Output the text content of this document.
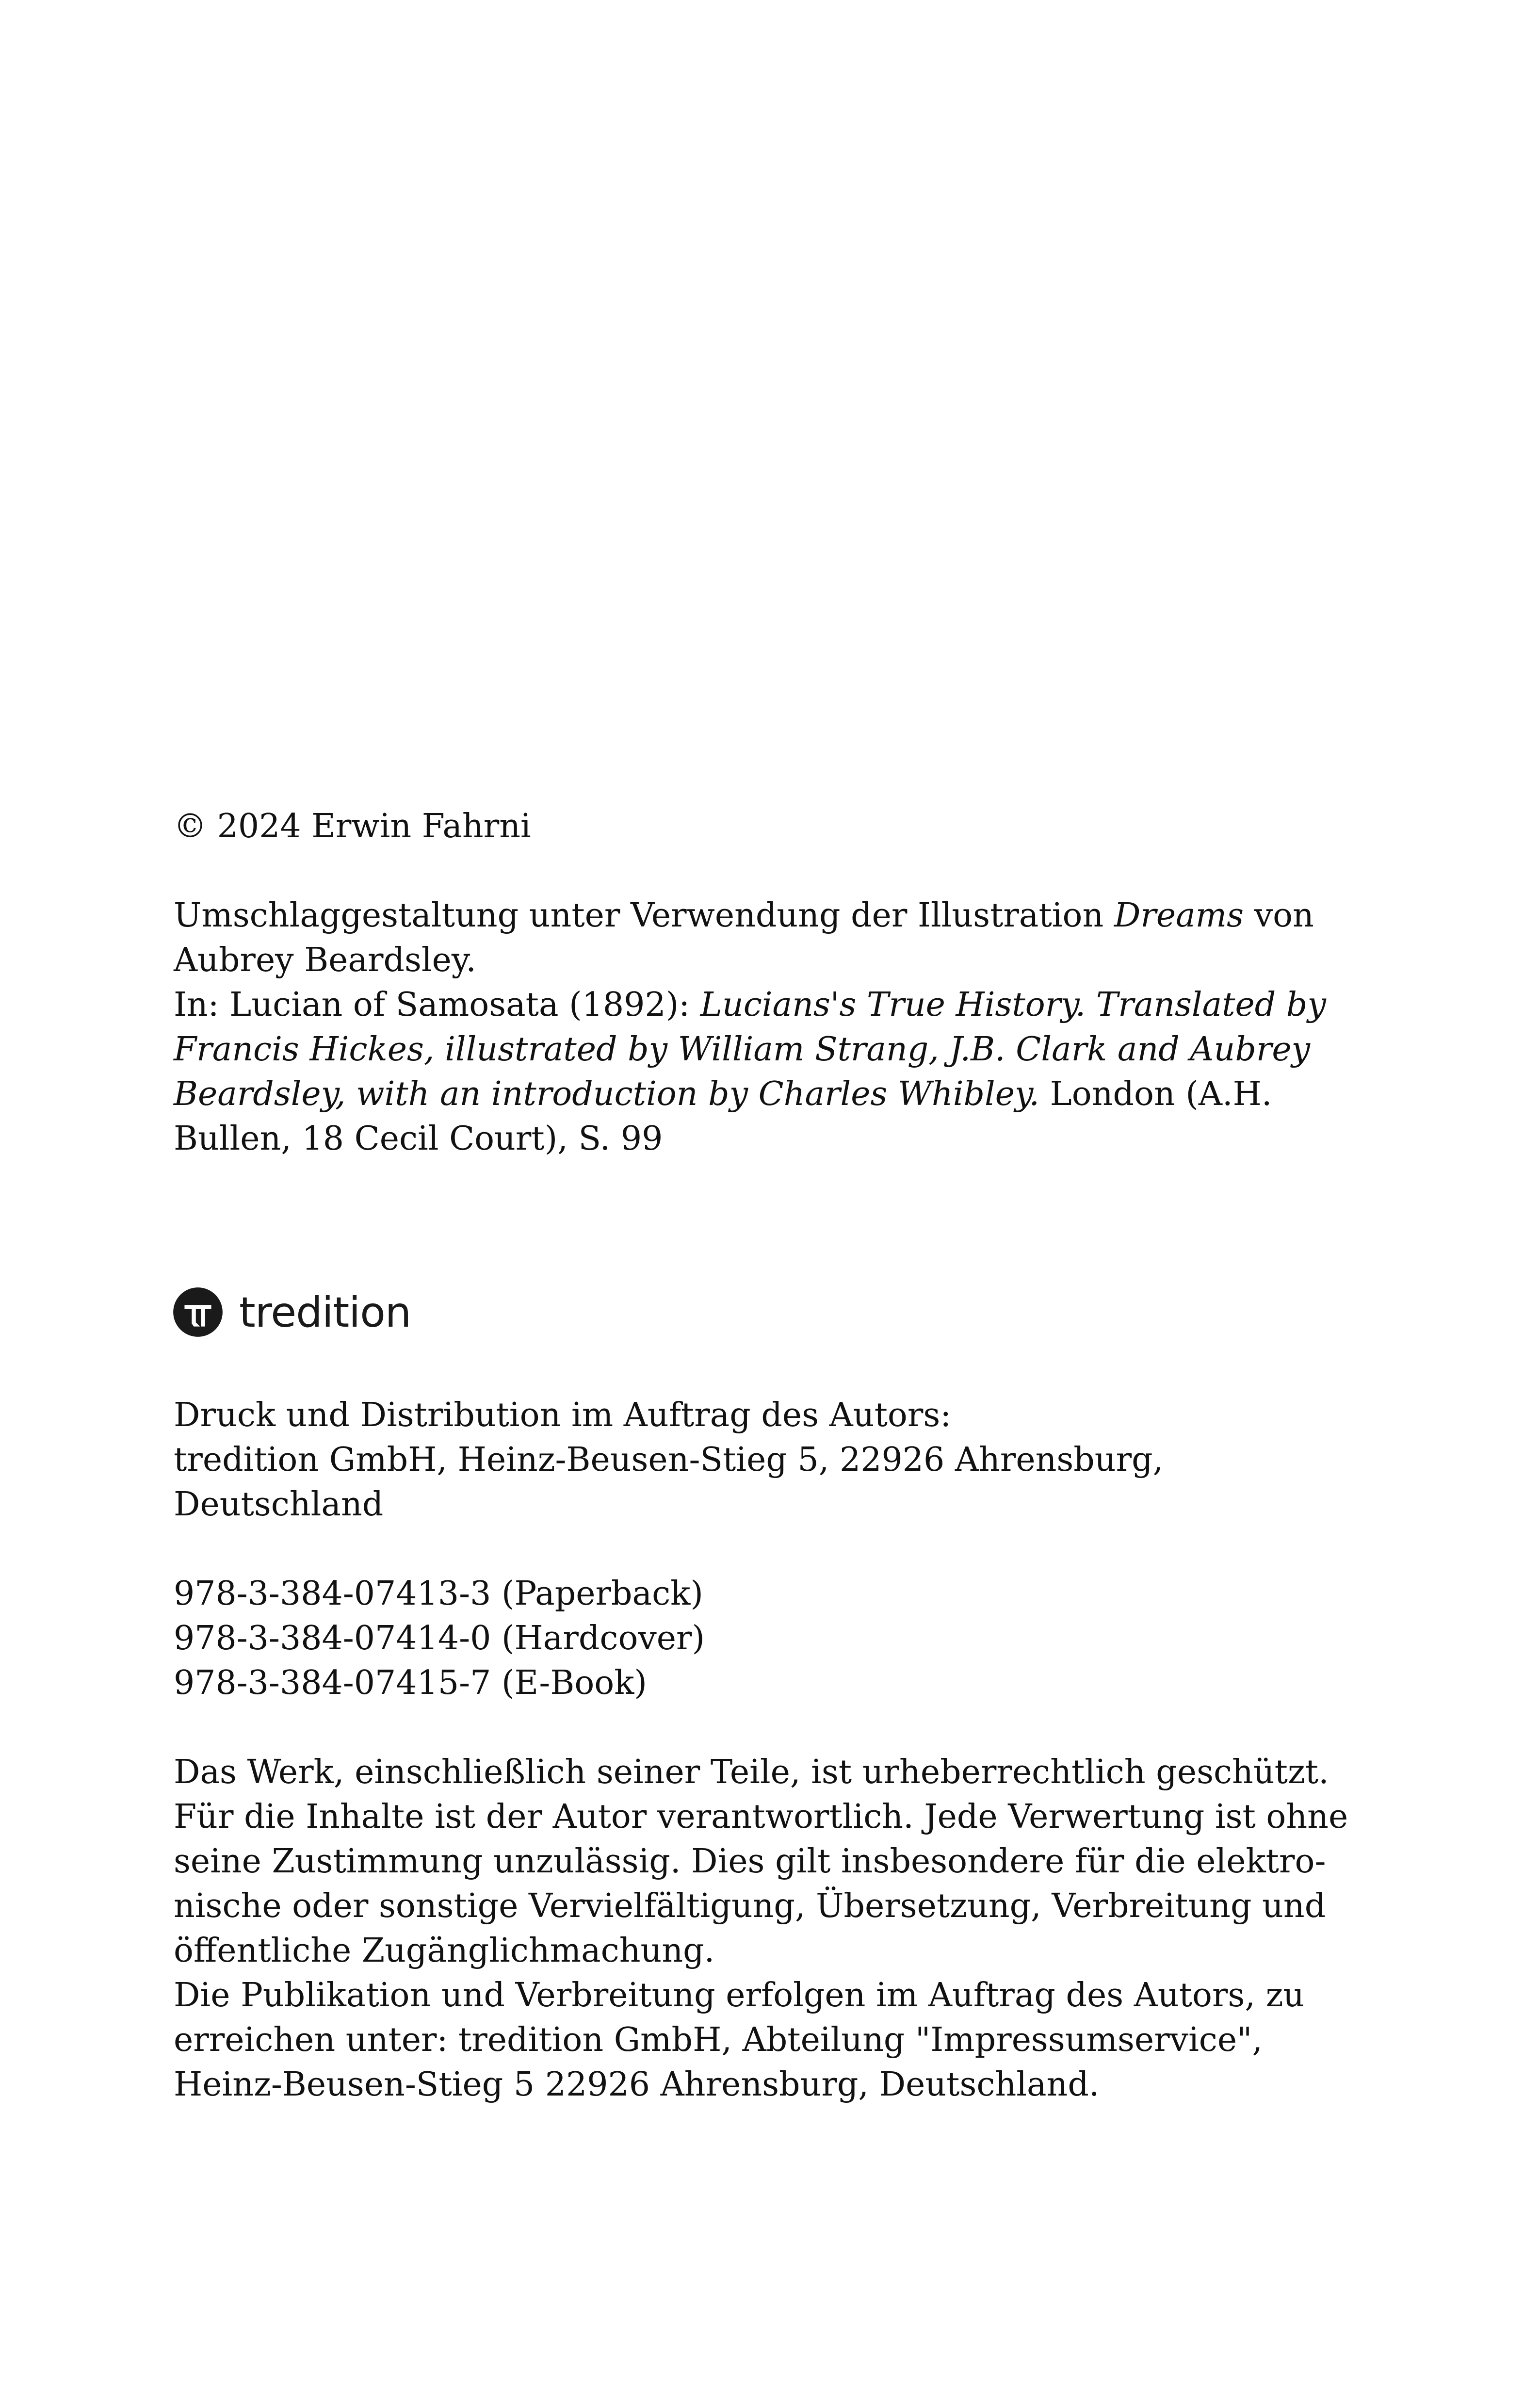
© 2024 Erwin Fahrni
Umschlaggestaltung unter Verwendung der Illustration Dreams von
Aubrey Beardsley.
In: Lucian of Samosata (1892): Lucians's True History. Translated by
Francis Hickes, illustrated by William Strang, J.B. Clark and Aubrey
Beardsley, with an introduction by Charles Whibley. London (A.H.
Bullen, 18 Cecil Court), S. 99
tredition
Druck und Distribution im Auftrag des Autors:
tredition GmbH, Heinz-Beusen-Stieg 5, 22926 Ahrensburg,
Deutschland
978-3-384-07413-3 (Paperback)
978-3-384-07414-0 (Hardcover)
978-3-384-07415-7 (E-Book)
Das Werk, einschließlich seiner Teile, ist urheberrechtlich geschützt.
Für die Inhalte ist der Autor verantwortlich. Jede Verwertung ist ohne
seine Zustimmung unzulässig. Dies gilt insbesondere für die elektro-
nische oder sonstige Vervielfältigung, Übersetzung, Verbreitung und
öffentliche Zugänglichmachung.
Die Publikation und Verbreitung erfolgen im Auftrag des Autors, zu
erreichen unter: tredition GmbH, Abteilung "Impressumservice",
Heinz-Beusen-Stieg 5 22926 Ahrensburg, Deutschland.
